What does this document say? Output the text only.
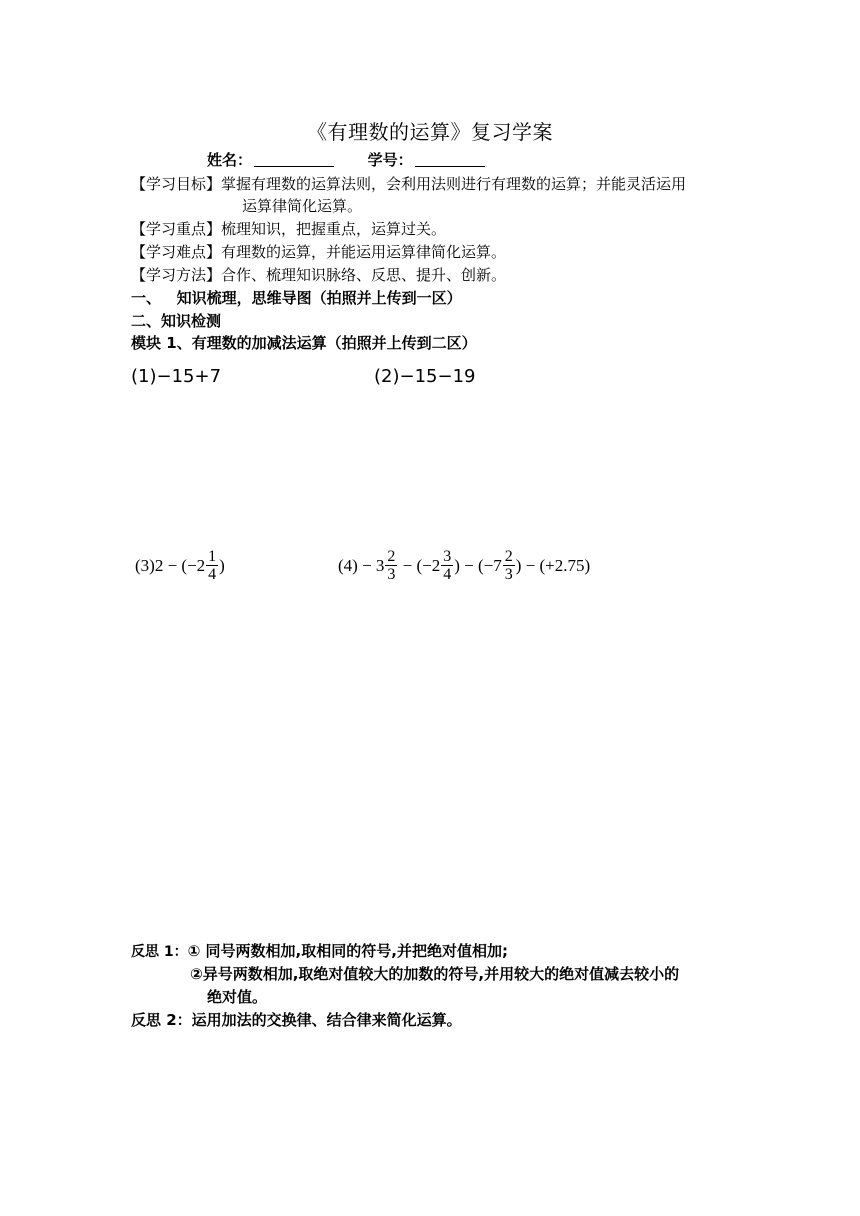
《有理数的运算》复习学案
姓名：	学号：
【学习目标】掌握有理数的运算法则，会利用法则进行有理数的运算；并能灵活运用
运算律简化运算。
【学习重点】梳理知识，把握重点，运算过关。
【学习难点】有理数的运算，并能运用运算律简化运算。
【学习方法】合作、梳理知识脉络、反思、提升、创新。
一、   知识梳理，思维导图（拍照并上传到一区）
二、知识检测
模块 1、有理数的加减法运算（拍照并上传到二区）
(1)−15+7	(2)−15−19
$(3)2 - (-2 \frac{1}{4}$ )	$(4) - 3 \frac{2}{3} - (-2 \frac{3}{4}$ ) − ($-7 \frac{2}{3}$ ) − (+2.75)
反思 1：① 同号两数相加,取相同的符号,并把绝对值相加;
②异号两数相加,取绝对值较大的加数的符号,并用较大的绝对值减去较小的
绝对值。
反思 2：运用加法的交换律、结合律来简化运算。
